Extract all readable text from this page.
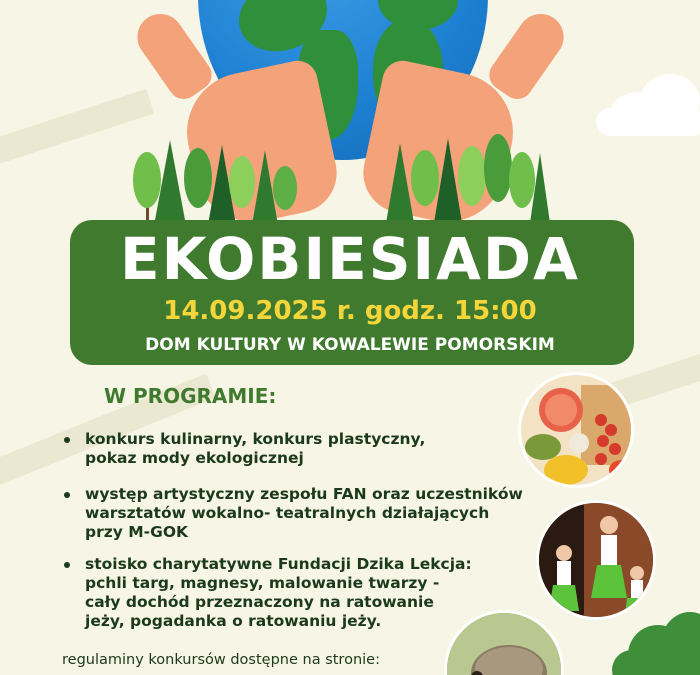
EKOBIESIADA
14.09.2025 r. godz. 15:00
DOM KULTURY W KOWALEWIE POMORSKIM
W PROGRAMIE:
konkurs kulinarny, konkurs plastyczny,
pokaz mody ekologicznej
występ artystyczny zespołu FAN oraz uczestników
warsztatów wokalno- teatralnych działających
przy M-GOK
stoisko charytatywne Fundacji Dzika Lekcja:
pchli targ, magnesy, malowanie twarzy -
cały dochód przeznaczony na ratowanie
jeży, pogadanka o ratowaniu jeży.
regulaminy konkursów dostępne na stronie:
